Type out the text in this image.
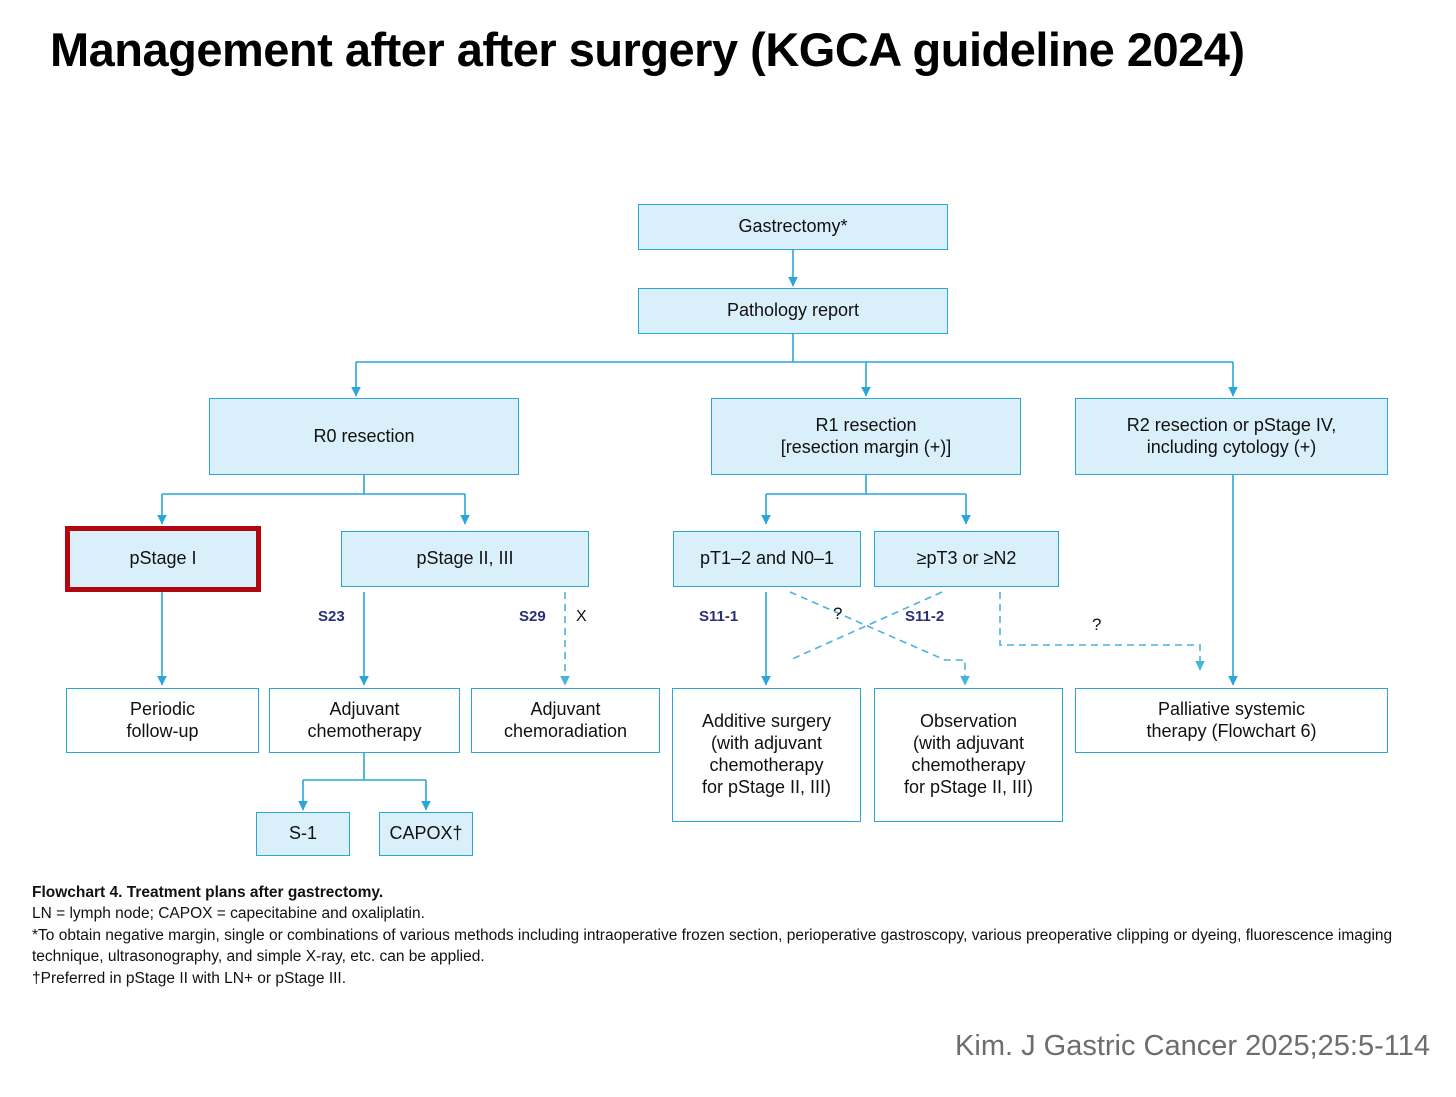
Management after after surgery (KGCA guideline 2024)
Gastrectomy*
Pathology report
R0 resection
R1 resection
[resection margin (+)]
R2 resection or pStage IV,
including cytology (+)
pStage I	pStage II, III	pT1–2 and N0–1	≥pT3 or ≥N2
Periodic
follow-up
Adjuvant
chemotherapy
Adjuvant
chemoradiation	Additive surgery
(with adjuvant
chemotherapy
for pStage II, III)
Observation
(with adjuvant
chemotherapy
for pStage II, III)
Palliative systemic
therapy (Flowchart 6)
S-1	CAPOX†
S23	S29 X	S11-1	S11-2
?
?
Flowchart 4. Treatment plans after gastrectomy.
LN = lymph node; CAPOX = capecitabine and oxaliplatin.
*To obtain negative margin, single or combinations of various methods including intraoperative frozen section, perioperative gastroscopy, various preoperative clipping or dyeing, fluorescence imaging technique, ultrasonography, and simple X-ray, etc. can be applied.
†Preferred in pStage II with LN+ or pStage III.
Kim. J Gastric Cancer 2025;25:5-114
